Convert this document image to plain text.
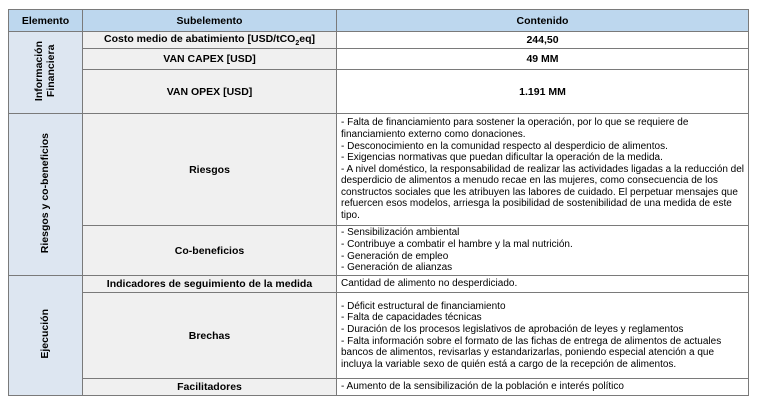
Elemento	Subelemento	Contenido
Información
Financiera	Costo medio de abatimiento [USD/tCO$_2$eq]	244,50
	VAN CAPEX [USD]	49 MM
	VAN OPEX [USD]	1.191 MM
Riesgos y co-beneficios	Riesgos	- Falta de financiamiento para sostener la operación, por lo que se requiere de financiamiento externo como donaciones.
- Desconocimiento en la comunidad respecto al desperdicio de alimentos.
- Exigencias normativas que puedan dificultar la operación de la medida.
- A nivel doméstico, la responsabilidad de realizar las actividades ligadas a la reducción del desperdicio de alimentos a menudo recae en las mujeres, como consecuencia de los constructos sociales que les atribuyen las labores de cuidado. El perpetuar mensajes que refuercen esos modelos, arriesga la posibilidad de sostenibilidad de una medida de este tipo.

	Co-beneficios	- Sensibilización ambiental
- Contribuye a combatir el hambre y la mal nutrición.
- Generación de empleo
- Generación de alianzas

Ejecución	Indicadores de seguimiento de la medida	Cantidad de alimento no desperdiciado.

	Brechas	- Déficit estructural de financiamiento
- Falta de capacidades técnicas
- Duración de los procesos legislativos de aprobación de leyes y reglamentos
- Falta información sobre el formato de las fichas de entrega de alimentos de actuales bancos de alimentos, revisarlas y estandarizarlas, poniendo especial atención a que incluya la variable sexo de quién está a cargo de la recepción de alimentos.

	Facilitadores	- Aumento de la sensibilización de la población e interés político
